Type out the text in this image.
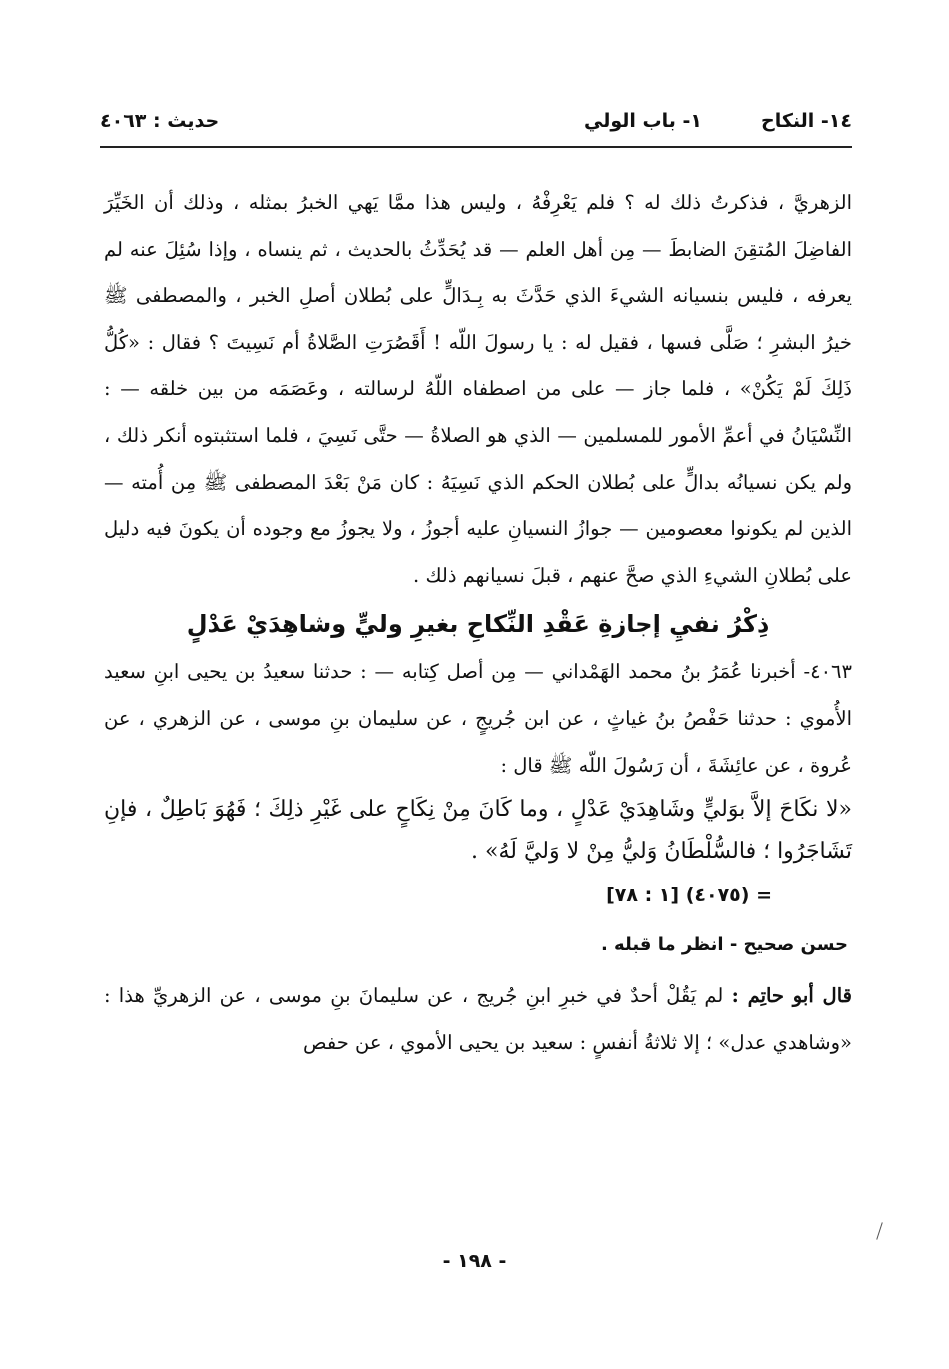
١٤- النكاح
١- باب الولي
حديث : ٤٠٦٣

الزهريَّ ، فذكرتُ ذلك له ؟ فلم يَعْرِفْهُ ، وليس هذا ممَّا يَهي الخبرُ بمثله ، وذلك أن الخَيِّرَ الفاضِلَ المُتقِنَ الضابطَ — مِن أهل العلم — قد يُحَدِّثُ بالحديث ، ثم ينساه ، وإذا سُئِلَ عنه لم يعرفه ، فليس بنسيانه الشيءَ الذي حَدَّثَ به بِـدَالٍّ على بُطلان أصلِ الخبر ، والمصطفى ﷺ خيرُ البشرِ ؛ صَلَّى فسها ، فقيل له : يا رسولَ اللّه ! أَقَصُرَتِ الصَّلاةُ أم نَسِيتَ ؟ فقال : «كُلُّ ذَلِكَ لَمْ يَكُنْ» ، فلما جاز — على من اصطفاه اللّهُ لرسالته ، وعَصَمَه من بين خلقه — : النِّسْيَانُ في أعمِّ الأمور للمسلمين — الذي هو الصلاةُ — حتَّى نَسِيَ ، فلما استثبتوه أنكر ذلك ، ولم يكن نسيانُه بدالٍّ على بُطلان الحكم الذي نَسِيَهُ : كان مَنْ بَعْدَ المصطفى ﷺ مِن أُمته — الذين لم يكونوا معصومين — جوازُ النسيانِ عليه أجوزُ ، ولا يجوزُ مع وجوده أن يكونَ فيه دليل على بُطلانِ الشيءِ الذي صحَّ عنهم ، قبلَ نسيانهم ذلك .

ذِكْرُ نفيِ إجازةِ عَقْدِ النِّكاحِ بغيرِ وليٍّ وشاهِدَيْ عَدْلٍ

٤٠٦٣- أخبرنا عُمَرُ بنُ محمد الهَمْداني — مِن أصل كِتابه — : حدثنا سعيدُ بن يحيى ابنِ سعيد الأُموي : حدثنا حَفْصُ بنُ غياثٍ ، عن ابن جُريجٍ ، عن سليمان بنِ موسى ، عن الزهري ، عن عُروة ، عن عائِشَةَ ، أن رَسُولَ اللّه ﷺ قال :

«لا نكَاحَ إلاَّ بوَليٍّ وشَاهِدَيْ عَدْلٍ ، وما كَانَ مِنْ نِكَاحٍ على غَيْرِ ذلِكَ ؛ فَهُوَ بَاطِلٌ ، فإنِ تَشَاجَرُوا ؛ فالسُّلْطَانُ وَليُّ مِنْ لا وَليَّ لَهُ» .

= (٤٠٧٥) [١ : ٧٨]

حسن صحيح - انظر ما قبله .

قال أبو حاتِم : لم يَقُلْ أحدٌ في خبرِ ابنِ جُريج ، عن سليمانَ بنِ موسى ، عن الزهريِّ هذا : «وشاهدي عدل» ؛ إلا ثلاثةُ أنفسٍ : سعيد بن يحيى الأموي ، عن حفص

- ١٩٨ -
